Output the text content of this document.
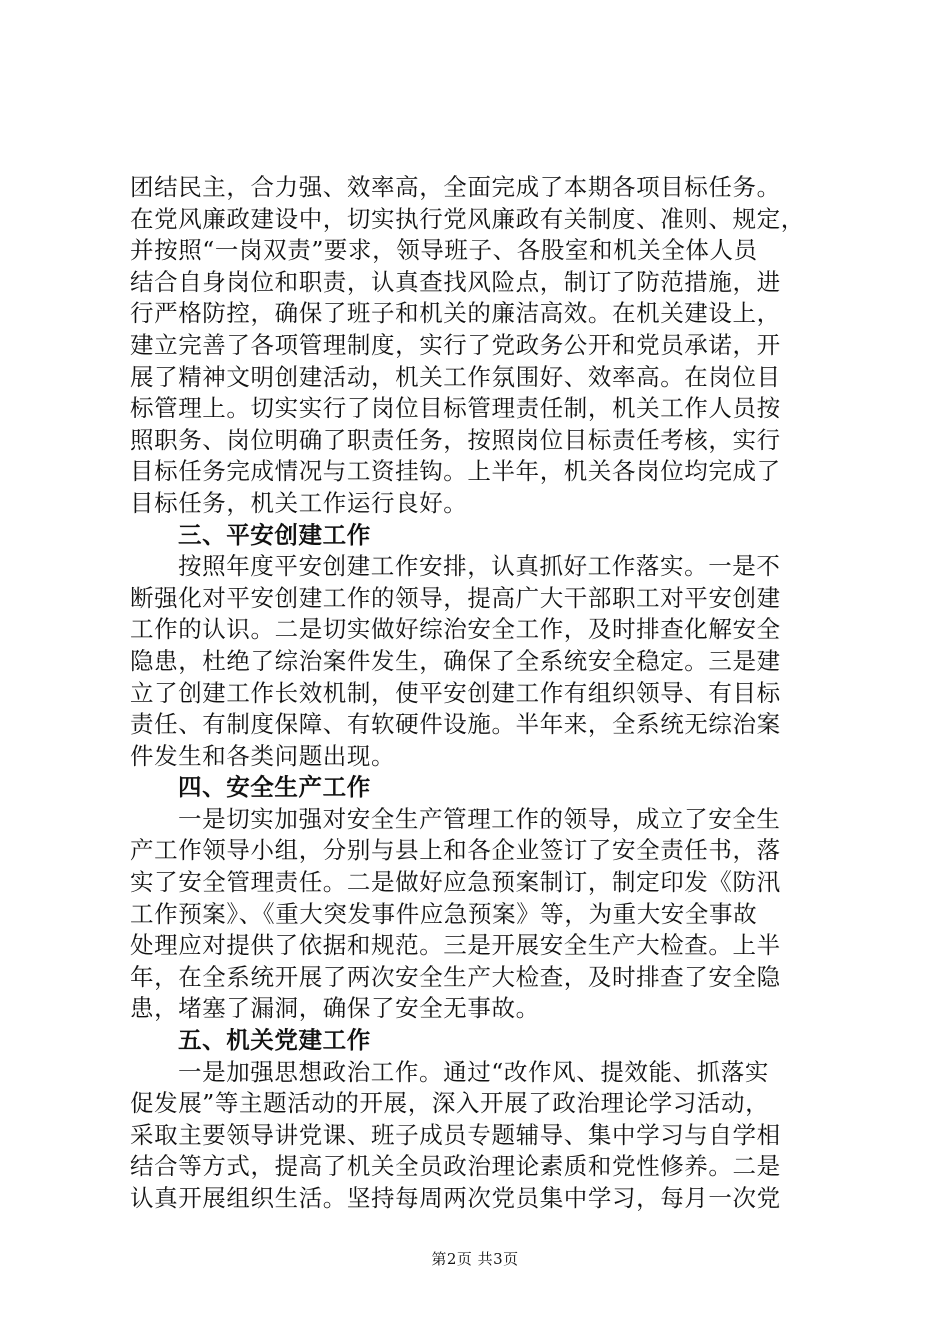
团结民主，合力强、效率高，全面完成了本期各项目标任务。
在党风廉政建设中，切实执行党风廉政有关制度、准则、规定，
并按照“一岗双责”要求，领导班子、各股室和机关全体人员
结合自身岗位和职责，认真查找风险点，制订了防范措施，进
行严格防控，确保了班子和机关的廉洁高效。在机关建设上，
建立完善了各项管理制度，实行了党政务公开和党员承诺，开
展了精神文明创建活动，机关工作氛围好、效率高。在岗位目
标管理上。切实实行了岗位目标管理责任制，机关工作人员按
照职务、岗位明确了职责任务，按照岗位目标责任考核，实行
目标任务完成情况与工资挂钩。上半年，机关各岗位均完成了
目标任务，机关工作运行良好。
三、平安创建工作
按照年度平安创建工作安排，认真抓好工作落实。一是不
断强化对平安创建工作的领导，提高广大干部职工对平安创建
工作的认识。二是切实做好综治安全工作，及时排查化解安全
隐患，杜绝了综治案件发生，确保了全系统安全稳定。三是建
立了创建工作长效机制，使平安创建工作有组织领导、有目标
责任、有制度保障、有软硬件设施。半年来，全系统无综治案
件发生和各类问题出现。
四、安全生产工作
一是切实加强对安全生产管理工作的领导，成立了安全生
产工作领导小组，分别与县上和各企业签订了安全责任书，落
实了安全管理责任。二是做好应急预案制订，制定印发《防汛
工作预案》、《重大突发事件应急预案》等，为重大安全事故
处理应对提供了依据和规范。三是开展安全生产大检查。上半
年，在全系统开展了两次安全生产大检查，及时排查了安全隐
患，堵塞了漏洞，确保了安全无事故。
五、机关党建工作
一是加强思想政治工作。通过“改作风、提效能、抓落实
促发展”等主题活动的开展，深入开展了政治理论学习活动，
采取主要领导讲党课、班子成员专题辅导、集中学习与自学相
结合等方式，提高了机关全员政治理论素质和党性修养。二是
认真开展组织生活。坚持每周两次党员集中学习，每月一次党
第2页 共3页
